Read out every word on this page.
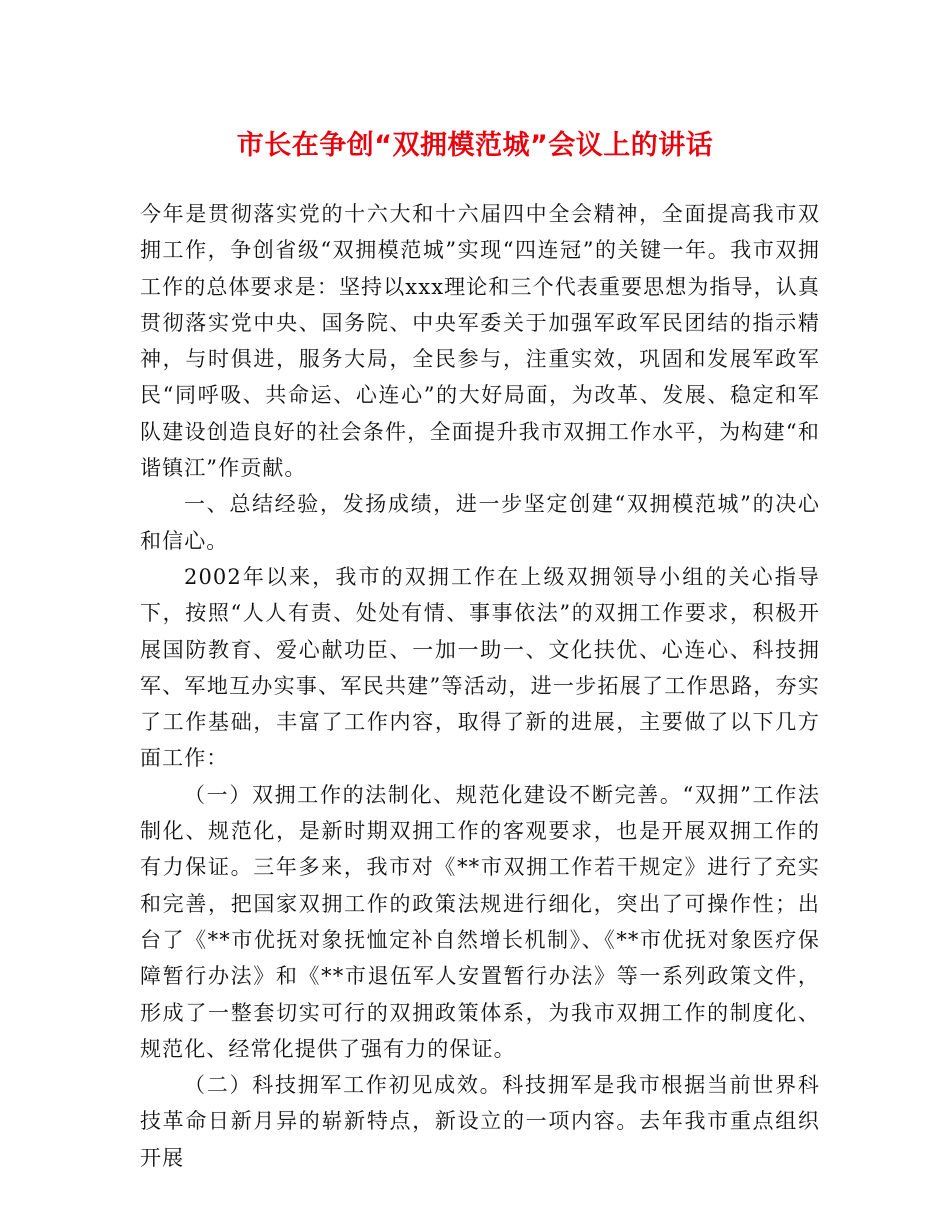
市长在争创“双拥模范城”会议上的讲话

今年是贯彻落实党的十六大和十六届四中全会精神，全面提高我市双拥工作，争创省级“双拥模范城”实现“四连冠”的关键一年。我市双拥工作的总体要求是：坚持以xxx理论和三个代表重要思想为指导，认真贯彻落实党中央、国务院、中央军委关于加强军政军民团结的指示精神，与时俱进，服务大局，全民参与，注重实效，巩固和发展军政军民“同呼吸、共命运、心连心”的大好局面，为改革、发展、稳定和军队建设创造良好的社会条件，全面提升我市双拥工作水平，为构建“和谐镇江”作贡献。

一、总结经验，发扬成绩，进一步坚定创建“双拥模范城”的决心和信心。

2002年以来，我市的双拥工作在上级双拥领导小组的关心指导下，按照“人人有责、处处有情、事事依法”的双拥工作要求，积极开展国防教育、爱心献功臣、一加一助一、文化扶优、心连心、科技拥军、军地互办实事、军民共建”等活动，进一步拓展了工作思路，夯实了工作基础，丰富了工作内容，取得了新的进展，主要做了以下几方面工作：

（一）双拥工作的法制化、规范化建设不断完善。“双拥”工作法制化、规范化，是新时期双拥工作的客观要求，也是开展双拥工作的有力保证。三年多来，我市对《**市双拥工作若干规定》进行了充实和完善，把国家双拥工作的政策法规进行细化，突出了可操作性；出台了《**市优抚对象抚恤定补自然增长机制》、《**市优抚对象医疗保障暂行办法》和《**市退伍军人安置暂行办法》等一系列政策文件，形成了一整套切实可行的双拥政策体系，为我市双拥工作的制度化、规范化、经常化提供了强有力的保证。

（二）科技拥军工作初见成效。科技拥军是我市根据当前世界科技革命日新月异的崭新特点，新设立的一项内容。去年我市重点组织开展
